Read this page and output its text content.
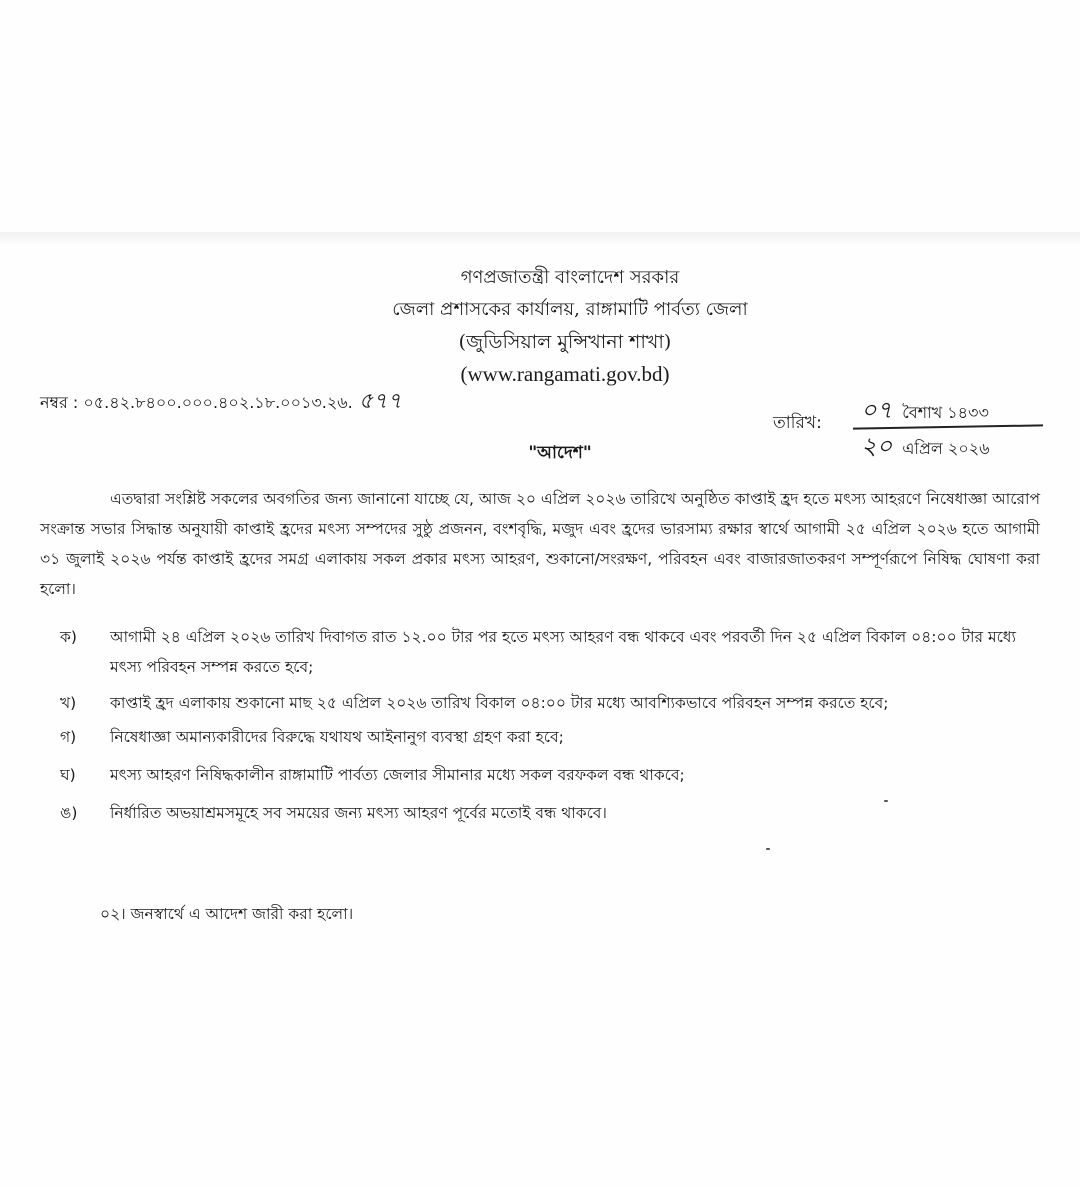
গণপ্রজাতন্ত্রী বাংলাদেশ সরকার
জেলা প্রশাসকের কার্যালয়, রাঙ্গামাটি পার্বত্য জেলা
(জুডিসিয়াল মুন্সিখানা শাখা)
(www.rangamati.gov.bd)
নম্বর : ০৫.৪২.৮৪০০.০০০.৪০২.১৮.০০১৩.২৬. ৫৭৭
তারিখ: ০৭ বৈশাখ ১৪৩৩
২০ এপ্রিল ২০২৬
"আদেশ"
এতদ্বারা সংশ্লিষ্ট সকলের অবগতির জন্য জানানো যাচ্ছে যে, আজ ২০ এপ্রিল ২০২৬ তারিখে অনুষ্ঠিত কাপ্তাই হ্রদ হতে মৎস্য আহরণে নিষেধাজ্ঞা আরোপ সংক্রান্ত সভার সিদ্ধান্ত অনুযায়ী কাপ্তাই হ্রদের মৎস্য সম্পদের সুষ্ঠু প্রজনন, বংশবৃদ্ধি, মজুদ এবং হ্রদের ভারসাম্য রক্ষার স্বার্থে আগামী ২৫ এপ্রিল ২০২৬ হতে আগামী ৩১ জুলাই ২০২৬ পর্যন্ত কাপ্তাই হ্রদের সমগ্র এলাকায় সকল প্রকার মৎস্য আহরণ, শুকানো/সংরক্ষণ, পরিবহন এবং বাজারজাতকরণ সম্পূর্ণরূপে নিষিদ্ধ ঘোষণা করা হলো।
ক) আগামী ২৪ এপ্রিল ২০২৬ তারিখ দিবাগত রাত ১২.০০ টার পর হতে মৎস্য আহরণ বন্ধ থাকবে এবং পরবর্তী দিন ২৫ এপ্রিল বিকাল ০৪:০০ টার মধ্যে মৎস্য পরিবহন সম্পন্ন করতে হবে;
খ) কাপ্তাই হ্রদ এলাকায় শুকানো মাছ ২৫ এপ্রিল ২০২৬ তারিখ বিকাল ০৪:০০ টার মধ্যে আবশ্যিকভাবে পরিবহন সম্পন্ন করতে হবে;
গ) নিষেধাজ্ঞা অমান্যকারীদের বিরুদ্ধে যথাযথ আইনানুগ ব্যবস্থা গ্রহণ করা হবে;
ঘ) মৎস্য আহরণ নিষিদ্ধকালীন রাঙ্গামাটি পার্বত্য জেলার সীমানার মধ্যে সকল বরফকল বন্ধ থাকবে;
ঙ) নির্ধারিত অভয়াশ্রমসমূহে সব সময়ের জন্য মৎস্য আহরণ পূর্বের মতোই বন্ধ থাকবে।
০২। জনস্বার্থে এ আদেশ জারী করা হলো।
